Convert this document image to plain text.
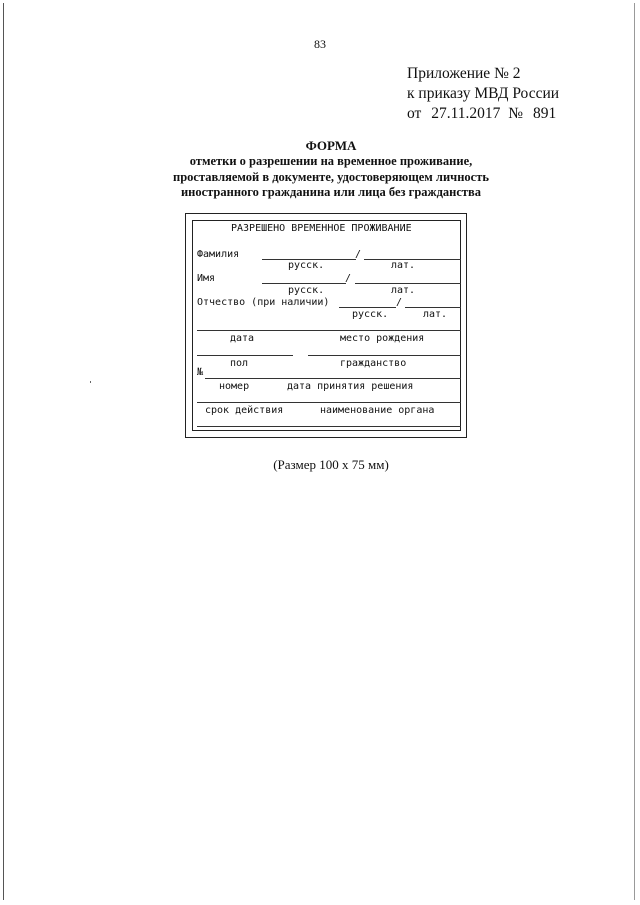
83
Приложение № 2
к приказу МВД России
от 27.11.2017 № 891
ФОРМА
отметки о разрешении на временное проживание,
проставляемой в документе, удостоверяющем личность
иностранного гражданина или лица без гражданства
РАЗРЕШЕНО ВРЕМЕННОЕ ПРОЖИВАНИЕ
Фамилия	/
русск.	лат.
Имя	/
русск.	лат.
Отчество (при наличии)	/
русск.	лат.
дата	место рождения
пол	гражданство
№
номер	дата принятия решения
срок действия	наименование органа
(Размер 100 x 75 мм)
